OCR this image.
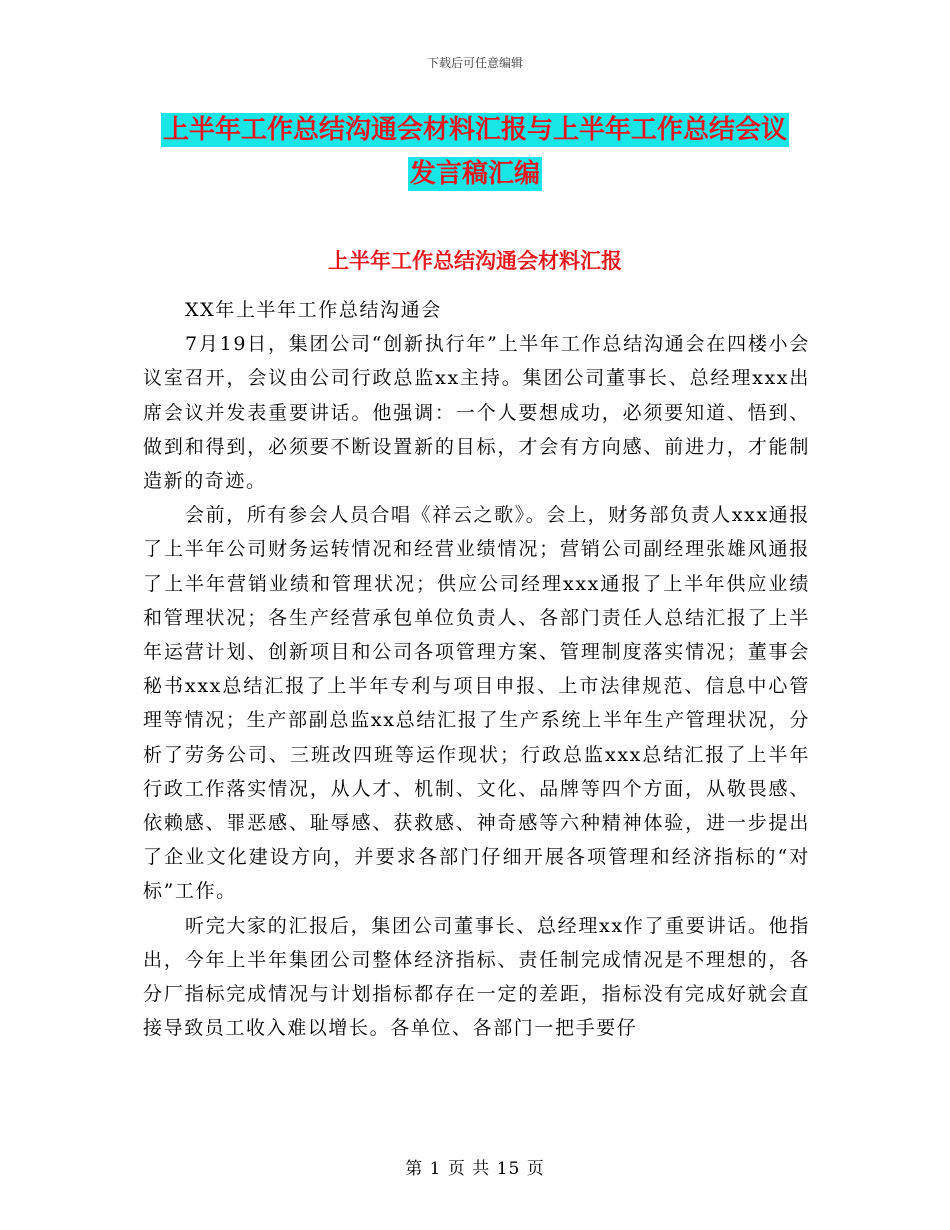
下载后可任意编辑
上半年工作总结沟通会材料汇报与上半年工作总结会议发言稿汇编
上半年工作总结沟通会材料汇报

XX年上半年工作总结沟通会

7月19日，集团公司“创新执行年”上半年工作总结沟通会在四楼小会议室召开，会议由公司行政总监xx主持。集团公司董事长、总经理xxx出席会议并发表重要讲话。他强调：一个人要想成功，必须要知道、悟到、做到和得到，必须要不断设置新的目标，才会有方向感、前进力，才能制造新的奇迹。

会前，所有参会人员合唱《祥云之歌》。会上，财务部负责人xxx通报了上半年公司财务运转情况和经营业绩情况；营销公司副经理张雄风通报了上半年营销业绩和管理状况；供应公司经理xxx通报了上半年供应业绩和管理状况；各生产经营承包单位负责人、各部门责任人总结汇报了上半年运营计划、创新项目和公司各项管理方案、管理制度落实情况；董事会秘书xxx总结汇报了上半年专利与项目申报、上市法律规范、信息中心管理等情况；生产部副总监xx总结汇报了生产系统上半年生产管理状况，分析了劳务公司、三班改四班等运作现状；行政总监xxx总结汇报了上半年行政工作落实情况，从人才、机制、文化、品牌等四个方面，从敬畏感、依赖感、罪恶感、耻辱感、获救感、神奇感等六种精神体验，进一步提出了企业文化建设方向，并要求各部门仔细开展各项管理和经济指标的“对标”工作。

听完大家的汇报后，集团公司董事长、总经理xx作了重要讲话。他指出，今年上半年集团公司整体经济指标、责任制完成情况是不理想的，各分厂指标完成情况与计划指标都存在一定的差距，指标没有完成好就会直接导致员工收入难以增长。各单位、各部门一把手要仔

第 1 页 共 15 页
